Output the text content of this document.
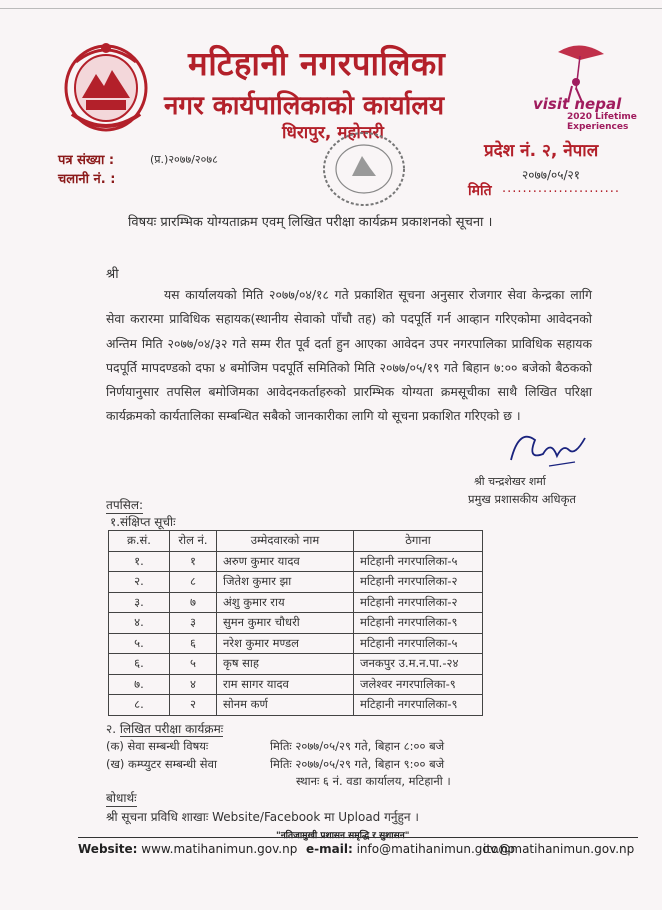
मटिहानी नगरपालिका
नगर कार्यपालिकाको कार्यालय
धिरापुर, महोत्तरी
visit nepal
2020 Lifetime Experiences
पत्र संख्या :	(प्र.)२०७७/२०७८
चलानी नं. :
प्रदेश नं. २, नेपाल
२०७७/०५/२१
मिति .......................
विषयः प्रारम्भिक योग्यताक्रम एवम् लिखित परीक्षा कार्यक्रम प्रकाशनको सूचना ।
श्री
यस कार्यालयको मिति २०७७/०४/१८ गते प्रकाशित सूचना अनुसार रोजगार सेवा केन्द्रका लागि सेवा करारमा प्राविधिक सहायक(स्थानीय सेवाको पाँचौ तह) को पदपूर्ति गर्न आव्हान गरिएकोमा आवेदनको अन्तिम मिति २०७७/०४/३२ गते सम्म रीत पूर्व दर्ता हुन आएका आवेदन उपर नगरपालिका प्राविधिक सहायक पदपूर्ति मापदण्डको दफा ४ बमोजिम पदपूर्ति समितिको मिति २०७७/०५/१९ गते बिहान ७:०० बजेको बैठकको निर्णयानुसार तपसिल बमोजिमका आवेदनकर्ताहरुको प्रारम्भिक योग्यता क्रमसूचीका साथै लिखित परिक्षा कार्यक्रमको कार्यतालिका सम्बन्धित सबैको जानकारीका लागि यो सूचना प्रकाशित गरिएको छ ।
श्री चन्द्रशेखर शर्मा
प्रमुख प्रशासकीय अधिकृत
तपसिल:
१.संक्षिप्त सूचीः
क्र.सं.	रोल नं.	उम्मेदवारको नाम	ठेगाना
१.	१	अरुण कुमार यादव	मटिहानी नगरपालिका-५
२.	८	जितेश कुमार झा	मटिहानी नगरपालिका-२
३.	७	अंशु कुमार राय	मटिहानी नगरपालिका-२
४.	३	सुमन कुमार चौधरी	मटिहानी नगरपालिका-९
५.	६	नरेश कुमार मण्डल	मटिहानी नगरपालिका-५
६.	५	कृष साह	जनकपुर उ.म.न.पा.-२४
७.	४	राम सागर यादव	जलेश्वर नगरपालिका-९
८.	२	सोनम कर्ण	मटिहानी नगरपालिका-९
२. लिखित परीक्षा कार्यक्रमः
(क) सेवा सम्बन्धी विषयः	मितिः २०७७/०५/२९ गते, बिहान ८:०० बजे
(ख) कम्प्युटर सम्बन्धी सेवा	मितिः २०७७/०५/२९ गते, बिहान ९:०० बजे
स्थानः ६ नं. वडा कार्यालय, मटिहानी ।
बोधार्थः
श्री सूचना प्रविधि शाखाः Website/Facebook मा Upload गर्नुहुन ।
"नतिजामुखी प्रशासन समृद्धि र सुशासन"
Website: www.matihanimun.gov.np e-mail: info@matihanimun.gov.np
ito@matihanimun.gov.np
